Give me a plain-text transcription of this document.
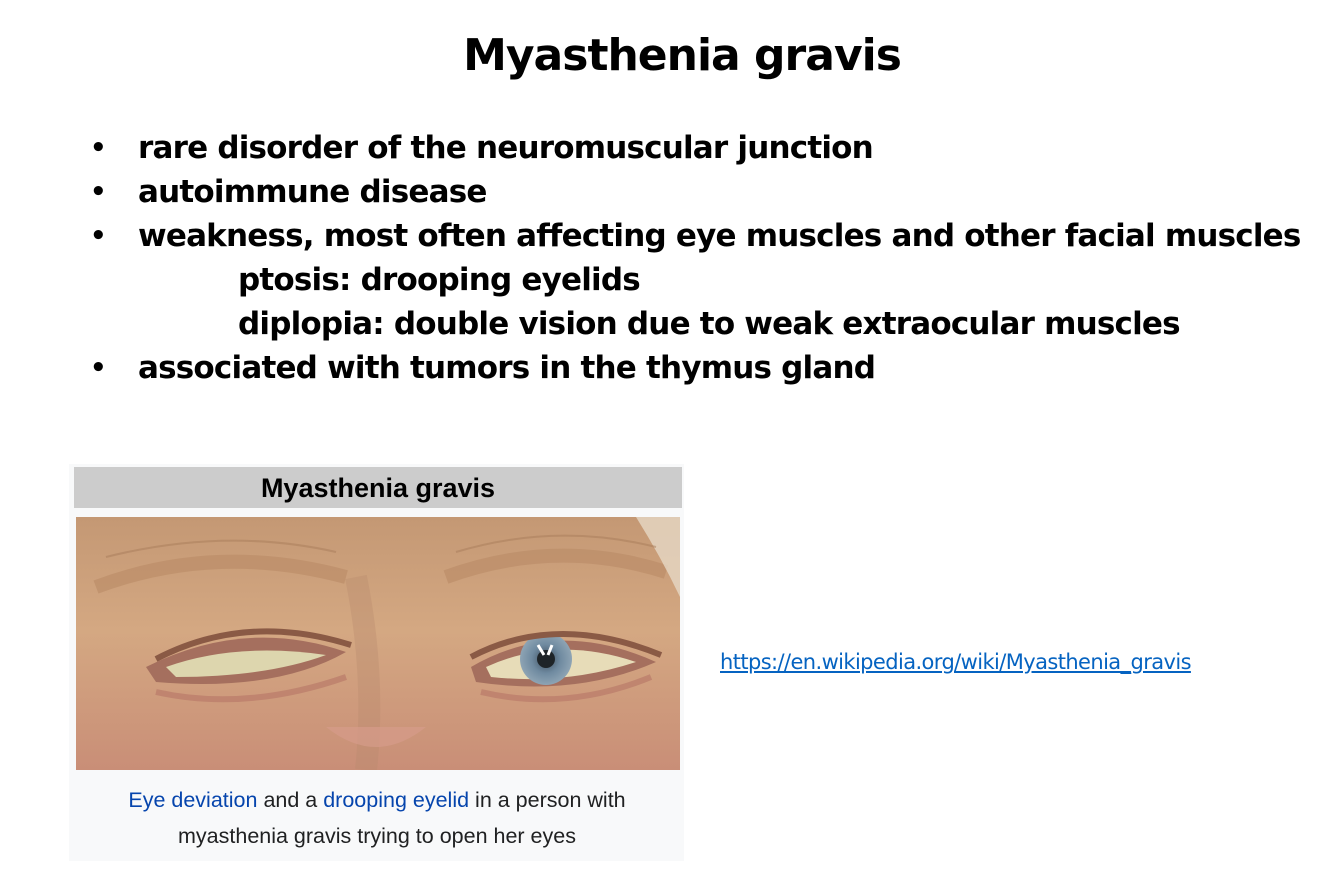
Myasthenia gravis
• rare disorder of the neuromuscular junction
• autoimmune disease
• weakness, most often affecting eye muscles and other facial muscles
ptosis: drooping eyelids
diplopia: double vision due to weak extraocular muscles
• associated with tumors in the thymus gland
Myasthenia gravis
Eye deviation and a drooping eyelid in a person with myasthenia gravis trying to open her eyes
https://en.wikipedia.org/wiki/Myasthenia_gravis
